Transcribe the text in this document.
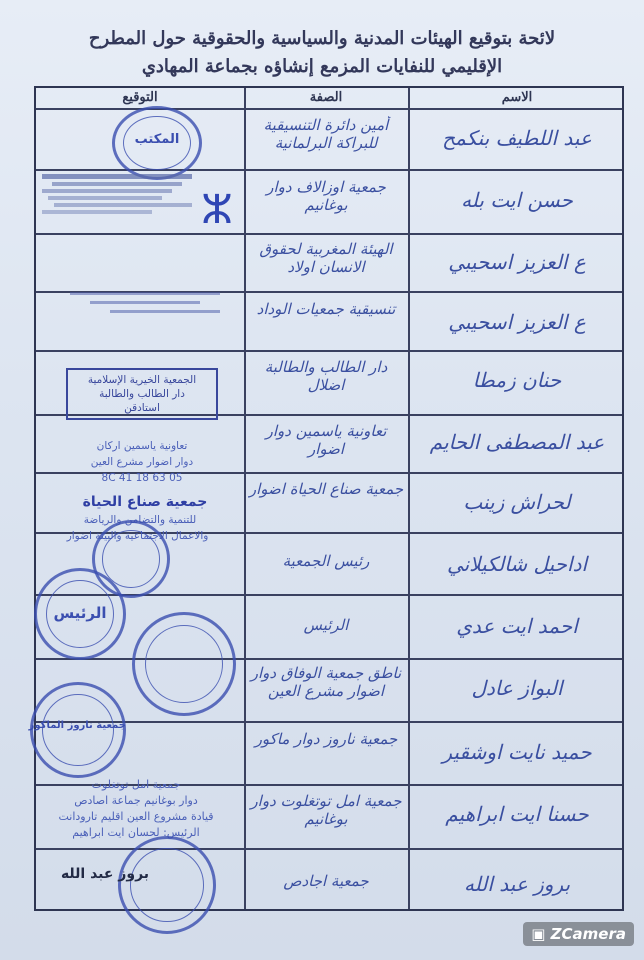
لائحة بتوقيع الهيئات المدنية والسياسية والحقوقية حول المطرح
الإقليمي للنفايات المزمع إنشاؤه بجماعة المهادي
الاسم
الصفة
التوقيع
عبد اللطيف بنكمح
حسن ايت بله
ع العزيز اسحيبي
ع العزيز اسحيبي
حنان زمطا
عبد المصطفى الحايم
لحراش زينب
اداحيل شالكيلاني
احمد ايت عدي
البواز عادل
حميد نايت اوشقير
حسنا ايت ابراهيم
بروز عبد الله
أمين دائرة التنسيقية للبراكة البرلمانية
جمعية اوزالاف دوار بوغانيم
الهيئة المغربية لحقوق الانسان اولاد
تنسيقية جمعيات الوداد
دار الطالب والطالبة اضلال
تعاونية ياسمين دوار اضوار
جمعية صناع الحياة اضوار
رئيس الجمعية
الرئيس
ناطق جمعية الوفاق دوار اضوار مشرع العين
جمعية ناروز دوار ماكور
جمعية امل توتغلوت دوار بوغانيم
جمعية اجادص
المكتب
ⵣ
الجمعية الخيرية الإسلامية
دار الطالب والطالبة
استادقن
تعاونية ياسمين اركان
دوار اضوار مشرع العين
05 63 18 41 8C
جمعية صناع الحياة
للتنمية والتضامن والرياضة
والاعمال الاجتماعية والبيئة اضوار
الرئيس
جمعية ناروز الماكور
جمعية امل توتغلوت
دوار بوغانيم جماعة اصادص
قيادة مشروع العين اقليم تارودانت
الرئيس: لحسان ايت ابراهيم
بروز عبد الله
▣ ZCamera
